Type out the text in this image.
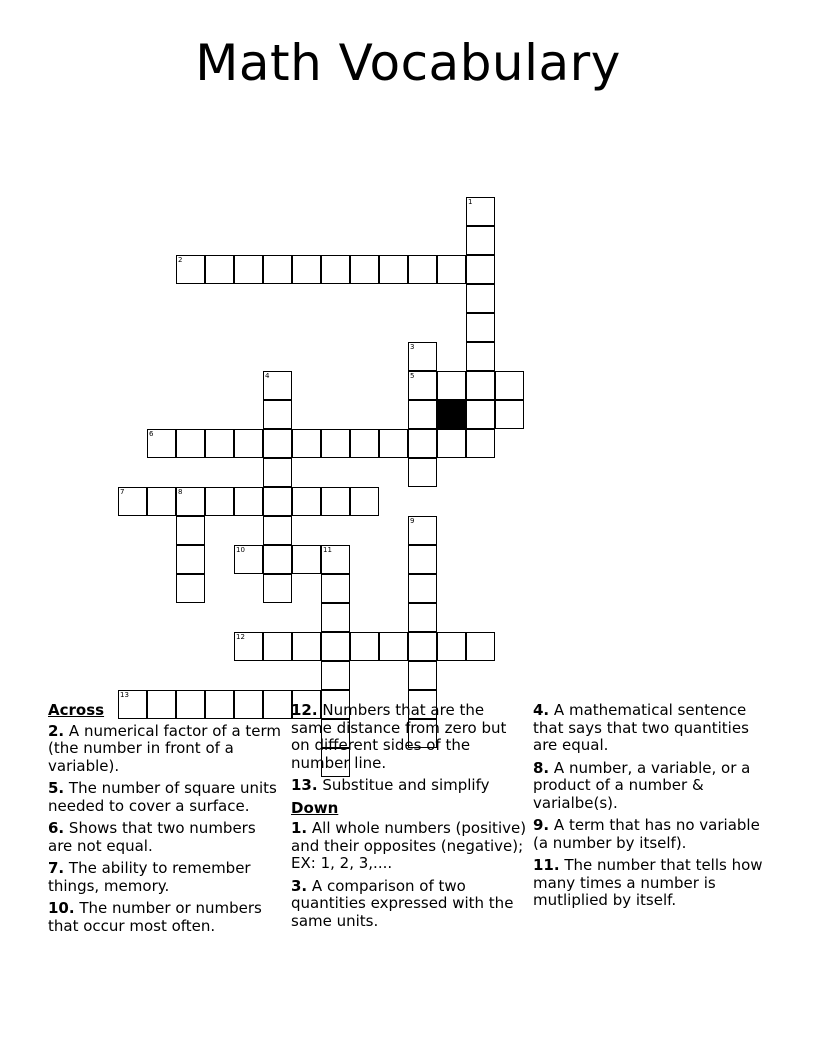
Math Vocabulary
1
2
3
4	5
6
7	8
9
10	11
12
13
Across
2. A numerical factor of a term (the number in front of a variable).
5. The number of square units needed to cover a surface.
6. Shows that two numbers are not equal.
7. The ability to remember things, memory.
10. The number or numbers that occur most often.
12. Numbers that are the same distance from zero but on different sides of the number line.
13. Substitue and simplify
Down
1. All whole numbers (positive) and their opposites (negative); EX: 1, 2, 3,....
3. A comparison of two quantities expressed with the same units.
4. A mathematical sentence that says that two quantities are equal.
8. A number, a variable, or a product of a number & varialbe(s).
9. A term that has no variable (a number by itself).
11. The number that tells how many times a number is mutliplied by itself.
